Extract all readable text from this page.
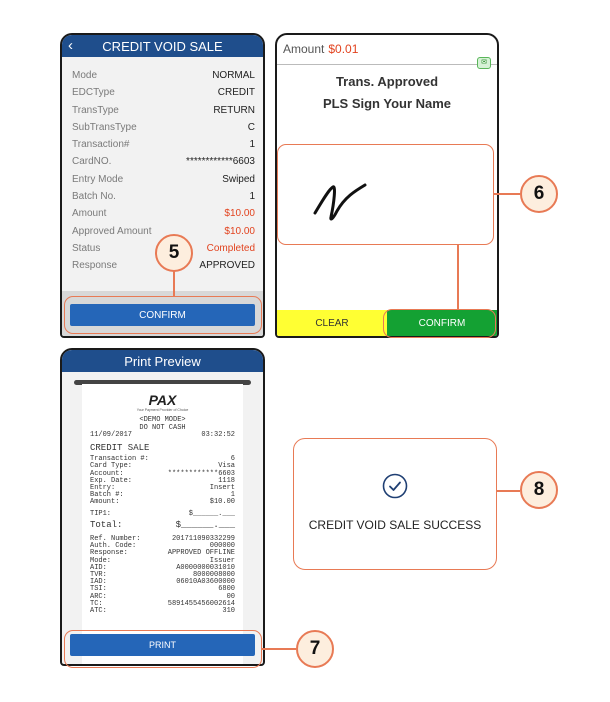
‹ CREDIT VOID SALE
Mode	NORMAL
EDCType	CREDIT
TransType	RETURN
SubTransType	C
Transaction#	1
CardNO.	************6603
Entry Mode	Swiped
Batch No.	1
Amount	$10.00
Approved Amount	$10.00
Status	Completed
Response	APPROVED
CONFIRM
Amount $0.01
✉
Trans. Approved
PLS Sign Your Name
CLEAR	CONFIRM
Print Preview
PAX
Your Payment Provider of Choice
<DEMO MODE>
DO NOT CASH
11/09/2017	03:32:52
CREDIT SALE
Transaction #:	6
Card Type:	Visa
Account:	************6603
Exp. Date:	1118
Entry:	Insert
Batch #:	1
Amount:	$10.00
TIP1:	$______.___
Total:	$______.___
Ref. Number:	201711090332299
Auth. Code:	000000
Response:	APPROVED OFFLINE
Mode:	Issuer
AID:	A0000000031010
TVR:	8000008000
IAD:	06010A03600000
TSI:	6800
ARC:	00
TC:	5891455456002614
ATC:	310
PRINT
CREDIT VOID SALE SUCCESS
5
6
7
8
